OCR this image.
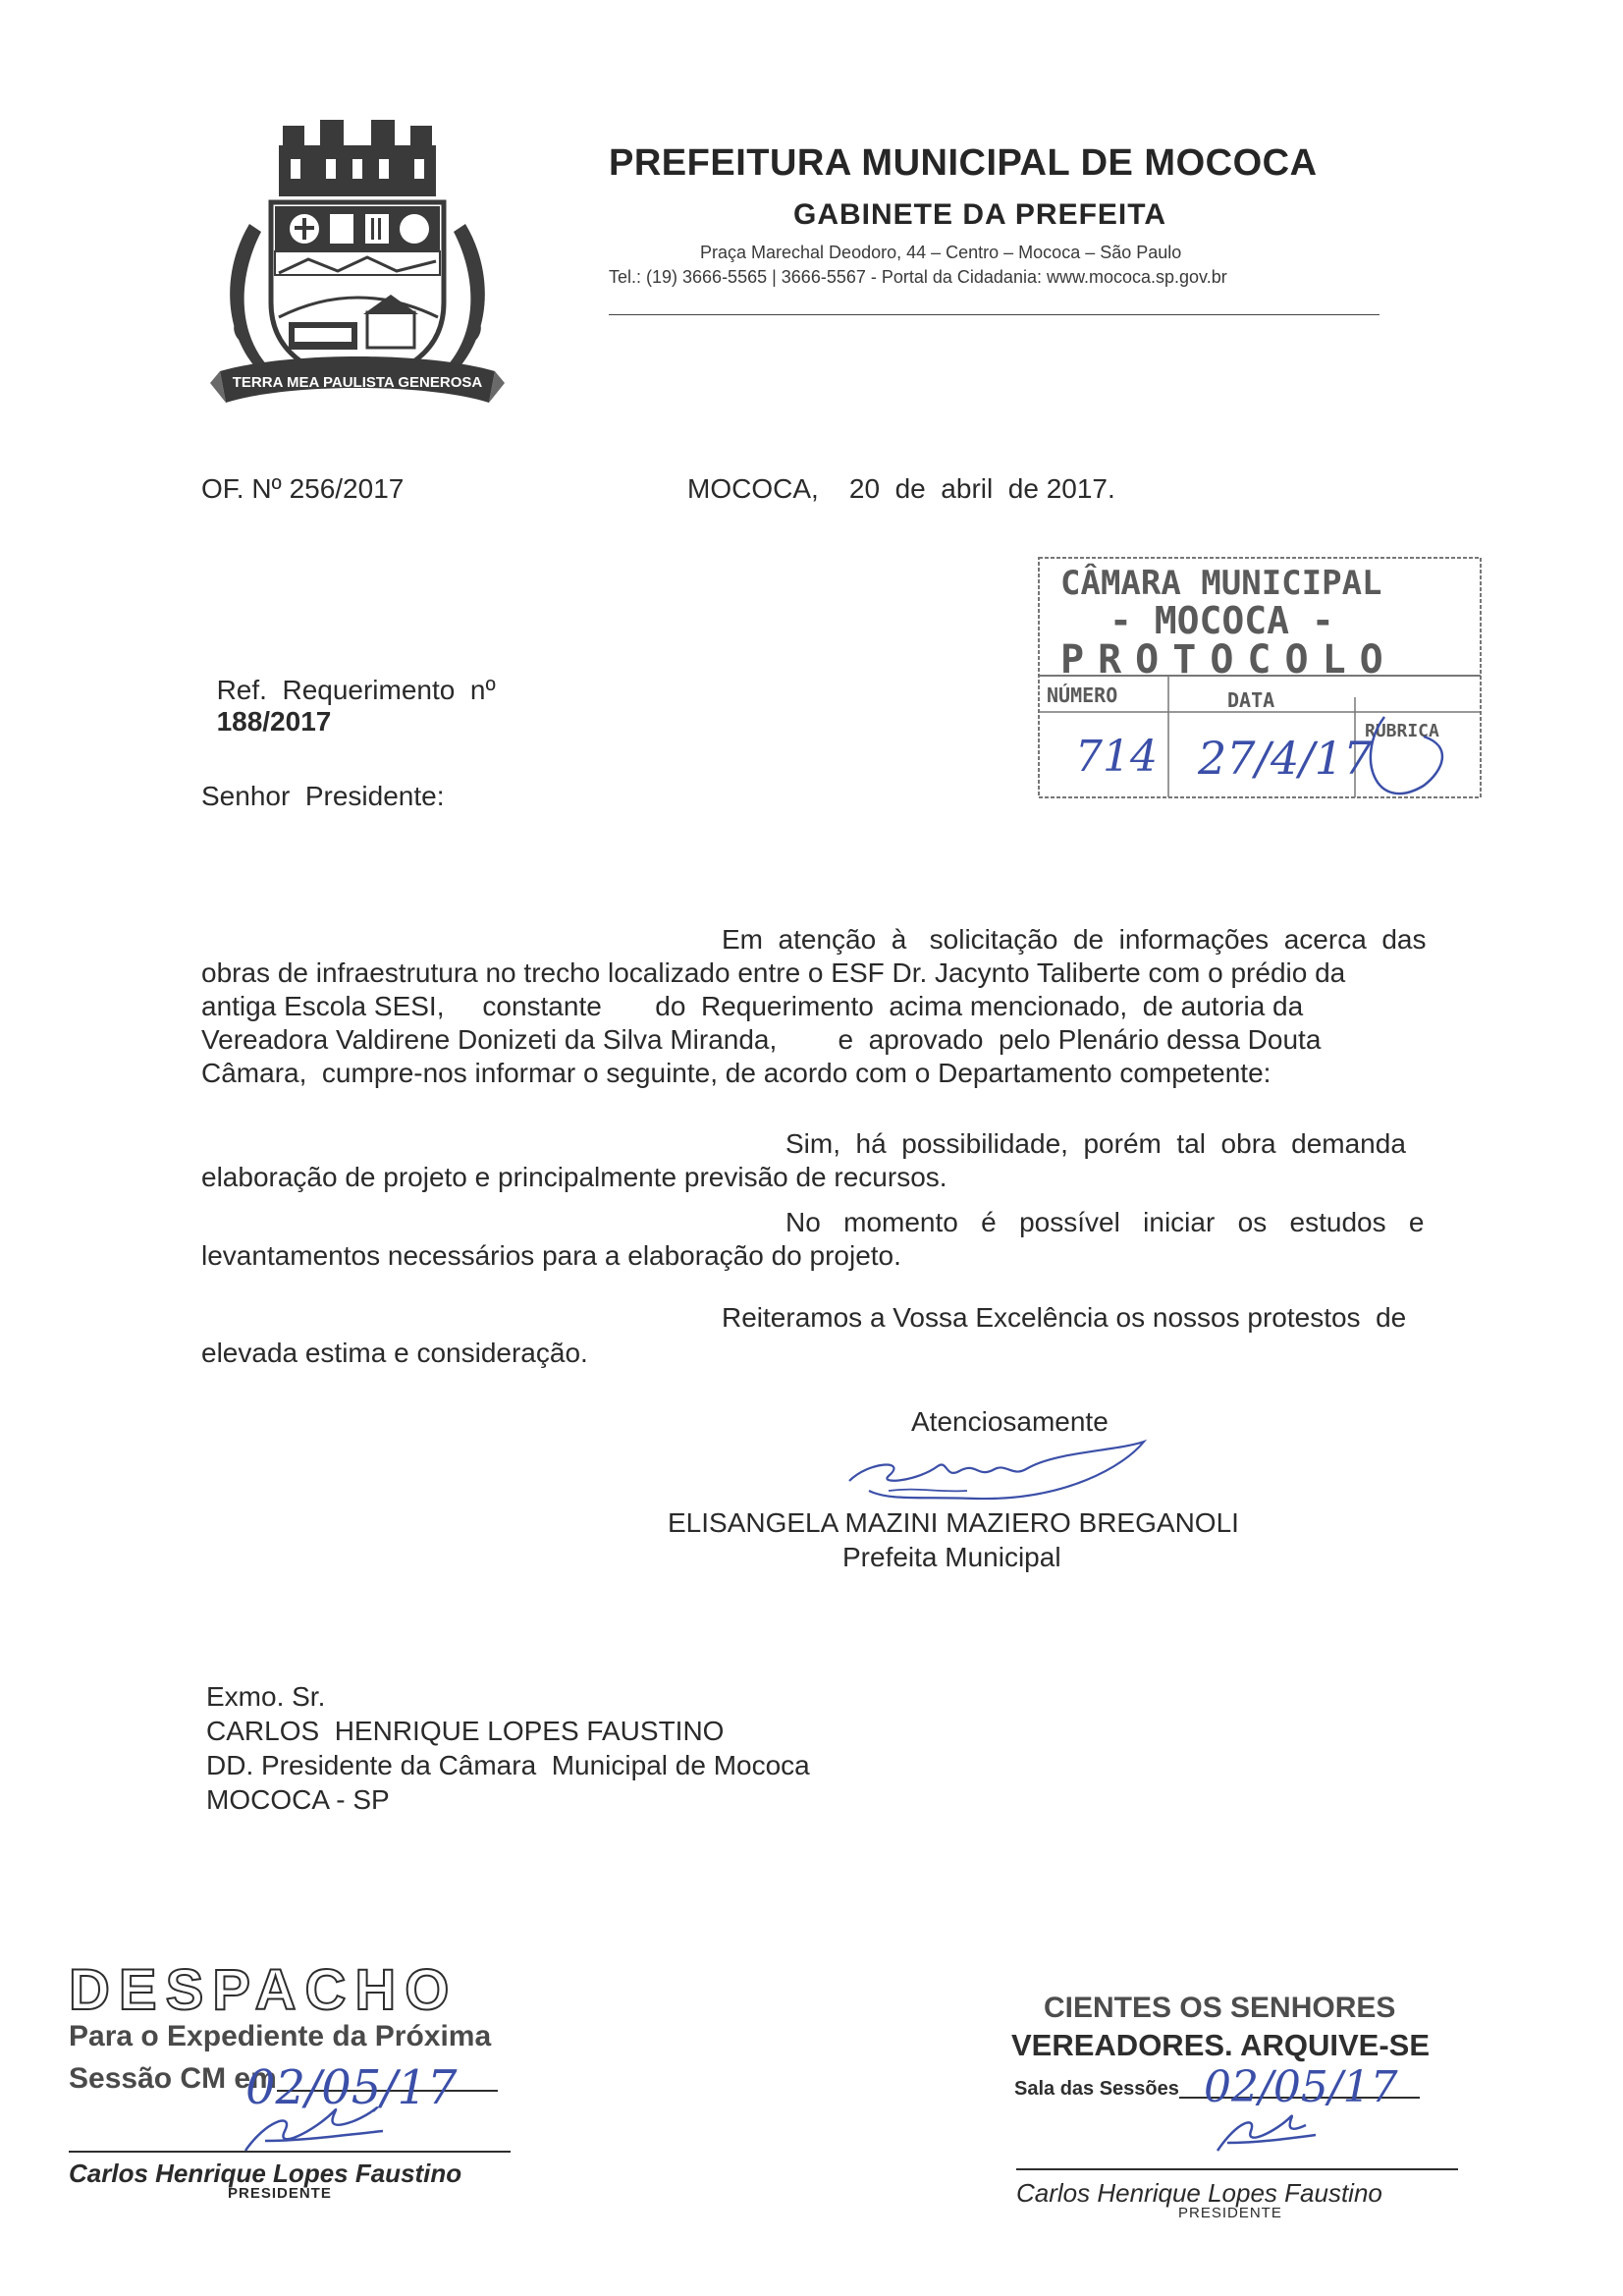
TERRA MEA PAULISTA GENEROSA
PREFEITURA MUNICIPAL DE MOCOCA
GABINETE DA PREFEITA
Praça Marechal Deodoro, 44 – Centro – Mococa – São Paulo
Tel.: (19) 3666-5565 | 3666-5567 - Portal da Cidadania: www.mococa.sp.gov.br
OF. Nº 256/2017	MOCOCA,    20  de  abril  de 2017.

Ref.  Requerimento  nº
188/2017

Senhor  Presidente:
Em  atenção  à   solicitação  de  informações  acerca  das
obras de infraestrutura no trecho localizado entre o ESF Dr. Jacynto Taliberte com o prédio da
antiga Escola SESI,     constante       do  Requerimento  acima mencionado,  de autoria da
Vereadora Valdirene Donizeti da Silva Miranda,        e  aprovado  pelo Plenário dessa Douta
Câmara,  cumpre-nos informar o seguinte, de acordo com o Departamento competente:
Sim,  há  possibilidade,  porém  tal  obra  demanda
elaboração de projeto e principalmente previsão de recursos.
No   momento   é   possível   iniciar   os   estudos   e
levantamentos necessários para a elaboração do projeto.
Reiteramos a Vossa Excelência os nossos protestos  de
elevada estima e consideração.
Atenciosamente
ELISANGELA MAZINI MAZIERO BREGANOLI
Prefeita Municipal
Exmo. Sr.
CARLOS  HENRIQUE LOPES FAUSTINO
DD. Presidente da Câmara  Municipal de Mococa
MOCOCA - SP
CÂMARA MUNICIPAL
- MOCOCA -
PROTOCOLO
NÚMERO	DATA
RÚBRICA
714 27/4/17
DESPACHO
Para o Expediente da Próxima
Sessão CM em
02/05/17
Carlos Henrique Lopes Faustino
PRESIDENTE
CIENTES OS SENHORES
VEREADORES. ARQUIVE-SE
Sala das Sessões 02/05/17
Carlos Henrique Lopes Faustino
PRESIDENTE
